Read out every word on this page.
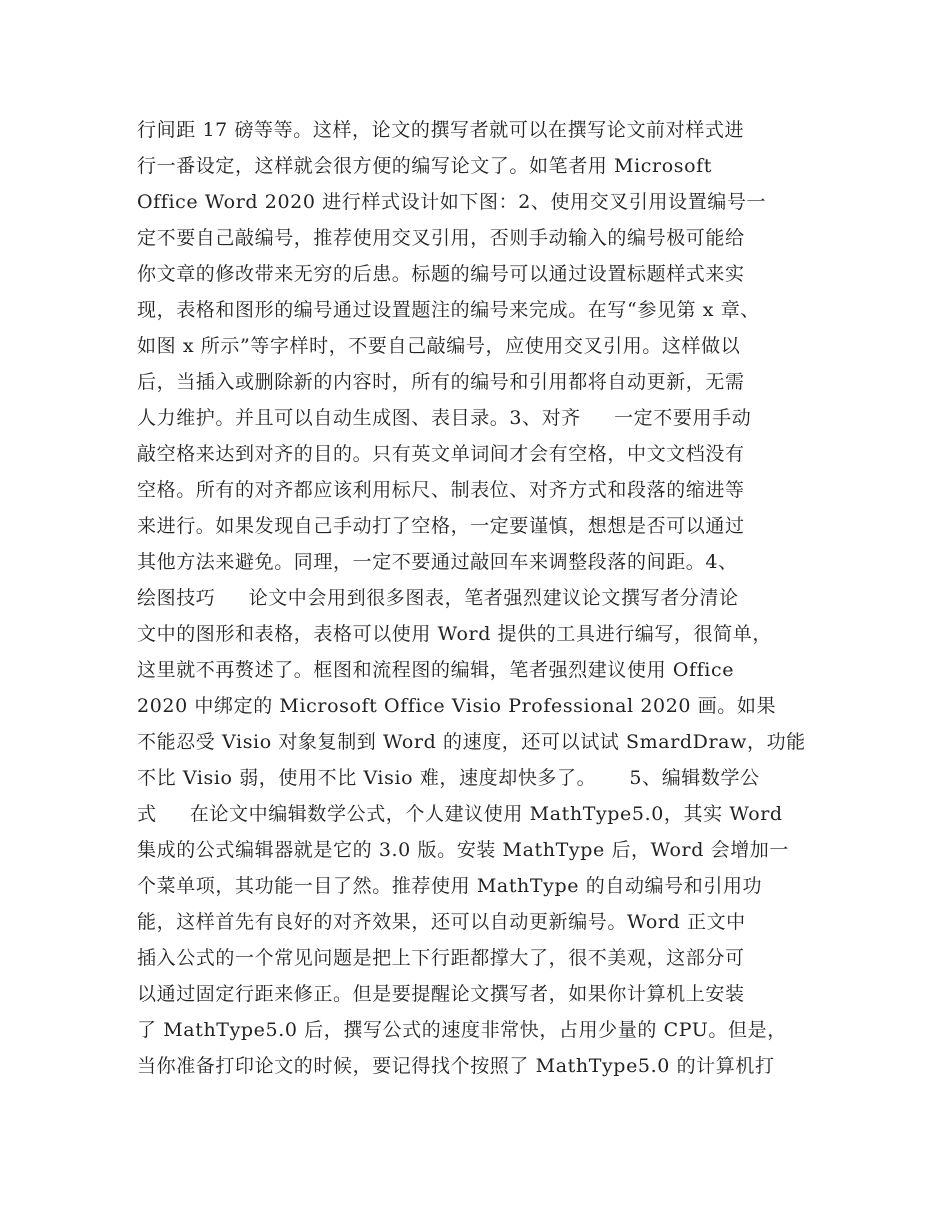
行间距 17 磅等等。这样，论文的撰写者就可以在撰写论文前对样式进
行一番设定，这样就会很方便的编写论文了。如笔者用 Microsoft
Office Word 2020 进行样式设计如下图：2、使用交叉引用设置编号一
定不要自己敲编号，推荐使用交叉引用，否则手动输入的编号极可能给
你文章的修改带来无穷的后患。标题的编号可以通过设置标题样式来实
现，表格和图形的编号通过设置题注的编号来完成。在写“参见第 x 章、
如图 x 所示”等字样时，不要自己敲编号，应使用交叉引用。这样做以
后，当插入或删除新的内容时，所有的编号和引用都将自动更新，无需
人力维护。并且可以自动生成图、表目录。3、对齐     一定不要用手动
敲空格来达到对齐的目的。只有英文单词间才会有空格，中文文档没有
空格。所有的对齐都应该利用标尺、制表位、对齐方式和段落的缩进等
来进行。如果发现自己手动打了空格，一定要谨慎，想想是否可以通过
其他方法来避免。同理，一定不要通过敲回车来调整段落的间距。4、
绘图技巧     论文中会用到很多图表，笔者强烈建议论文撰写者分清论
文中的图形和表格，表格可以使用 Word 提供的工具进行编写，很简单，
这里就不再赘述了。框图和流程图的编辑，笔者强烈建议使用 Office
2020 中绑定的 Microsoft Office Visio Professional 2020 画。如果
不能忍受 Visio 对象复制到 Word 的速度，还可以试试 SmardDraw，功能
不比 Visio 弱，使用不比 Visio 难，速度却快多了。     5、编辑数学公
式     在论文中编辑数学公式，个人建议使用 MathType5.0，其实 Word
集成的公式编辑器就是它的 3.0 版。安装 MathType 后，Word 会增加一
个菜单项，其功能一目了然。推荐使用 MathType 的自动编号和引用功
能，这样首先有良好的对齐效果，还可以自动更新编号。Word 正文中
插入公式的一个常见问题是把上下行距都撑大了，很不美观，这部分可
以通过固定行距来修正。但是要提醒论文撰写者，如果你计算机上安装
了 MathType5.0 后，撰写公式的速度非常快，占用少量的 CPU。但是，
当你准备打印论文的时候，要记得找个按照了 MathType5.0 的计算机打
